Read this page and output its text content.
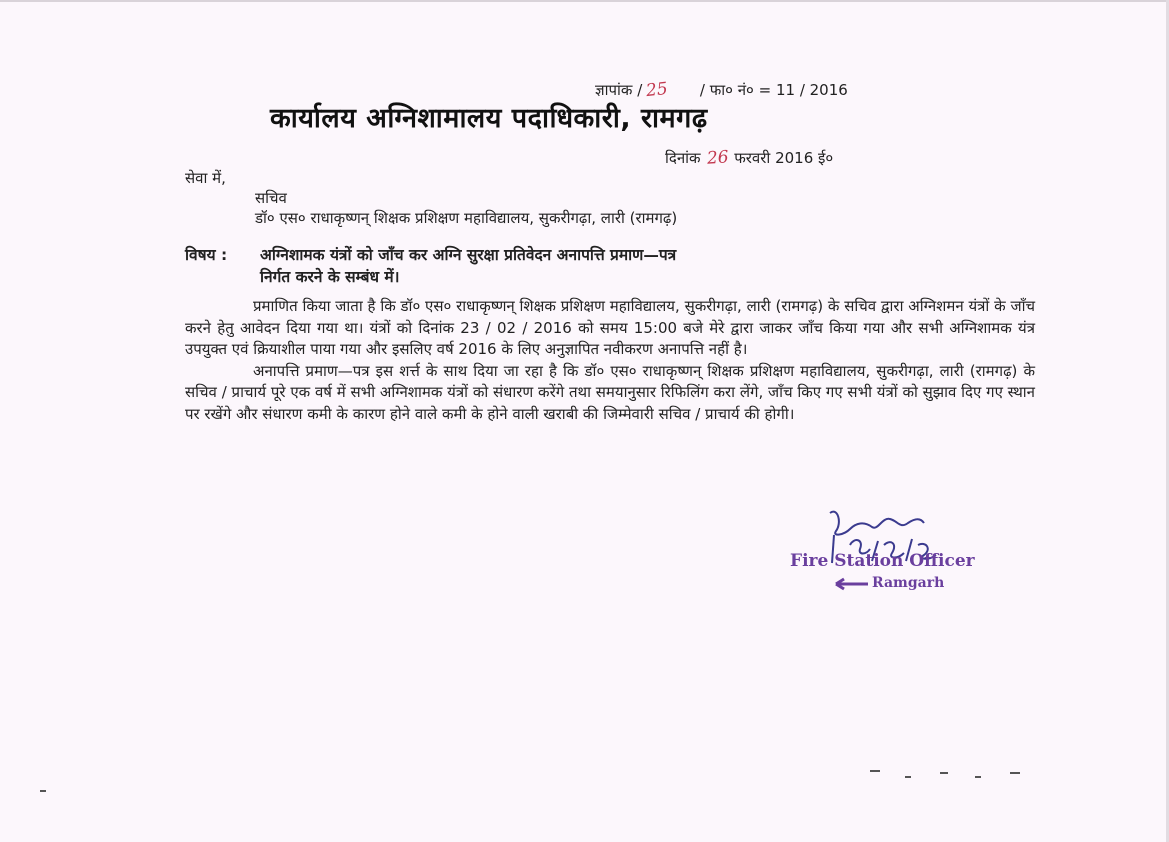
ज्ञापांक / 25 / फा० नं० = 11 / 2016
कार्यालय अग्निशामालय पदाधिकारी, रामगढ़
दिनांक 26 फरवरी 2016 ई०
सेवा में,
सचिव
डॉ० एस० राधाकृष्णन् शिक्षक प्रशिक्षण महाविद्यालय, सुकरीगढ़ा, लारी (रामगढ़)
विषय : अग्निशामक यंत्रों को जाँच कर अग्नि सुरक्षा प्रतिवेदन अनापत्ति प्रमाण—पत्र
निर्गत करने के सम्बंध में।

प्रमाणित किया जाता है कि डॉ० एस० राधाकृष्णन् शिक्षक प्रशिक्षण महाविद्यालय, सुकरीगढ़ा, लारी (रामगढ़) के सचिव द्वारा अग्निशमन यंत्रों के जाँच करने हेतु आवेदन दिया गया था। यंत्रों को दिनांक 23 / 02 / 2016 को समय 15:00 बजे मेरे द्वारा जाकर जाँच किया गया और सभी अग्निशामक यंत्र उपयुक्त एवं क्रियाशील पाया गया और इसलिए वर्ष 2016 के लिए अनुज्ञापित नवीकरण अनापत्ति नहीं है।

अनापत्ति प्रमाण—पत्र इस शर्त्त के साथ दिया जा रहा है कि डॉ० एस० राधाकृष्णन् शिक्षक प्रशिक्षण महाविद्यालय, सुकरीगढ़ा, लारी (रामगढ़) के सचिव / प्राचार्य पूरे एक वर्ष में सभी अग्निशामक यंत्रों को संधारण करेंगे तथा समयानुसार रिफिलिंग करा लेंगे, जाँच किए गए सभी यंत्रों को सुझाव दिए गए स्थान पर रखेंगे और संधारण कमी के कारण होने वाले कमी के होने वाली खराबी की जिम्मेवारी सचिव / प्राचार्य की होगी।

Fire Station Officer
Ramgarh
